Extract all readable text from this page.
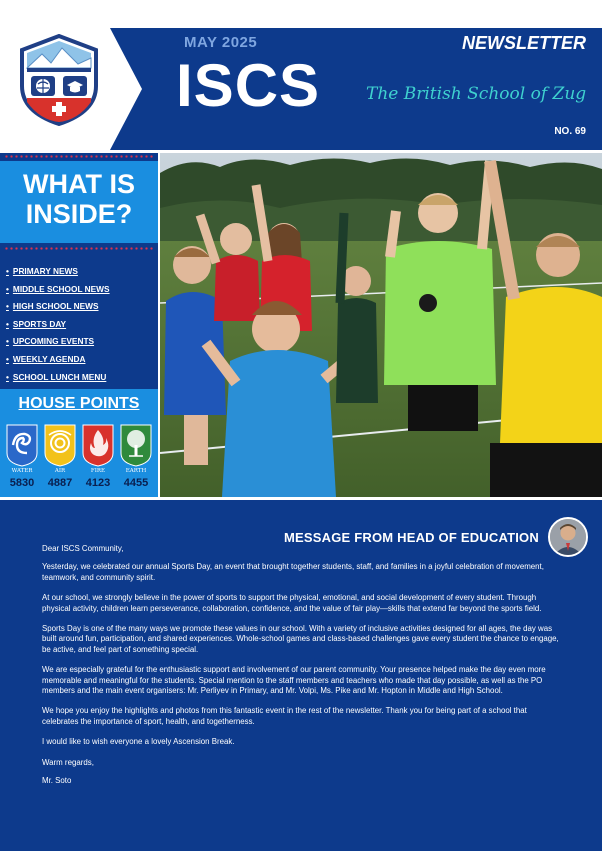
MAY 2025
ISCS
NEWSLETTER
The British School of Zug
NO. 69
WHAT IS
INSIDE?
• PRIMARY NEWS
• MIDDLE SCHOOL NEWS
• HIGH SCHOOL NEWS
• SPORTS DAY
• UPCOMING EVENTS
• WEEKLY AGENDA
• SCHOOL LUNCH MENU
HOUSE POINTS
WATER
5830
AIR
4887
FIRE
4123
EARTH
4455
MESSAGE FROM HEAD OF EDUCATION

Dear ISCS Community,

Yesterday, we celebrated our annual Sports Day, an event that brought together students, staff, and families in a joyful celebration of movement, teamwork, and community spirit.

At our school, we strongly believe in the power of sports to support the physical, emotional, and social development of every student. Through physical activity, children learn perseverance, collaboration, confidence, and the value of fair play—skills that extend far beyond the sports field.

Sports Day is one of the many ways we promote these values in our school. With a variety of inclusive activities designed for all ages, the day was built around fun, participation, and shared experiences. Whole-school games and class-based challenges gave every student the chance to engage, be active, and feel part of something special.

We are especially grateful for the enthusiastic support and involvement of our parent community. Your presence helped make the day even more memorable and meaningful for the students. Special mention to the staff members and teachers who made that day possible, as well as the PO members and the main event organisers: Mr. Perliyev in Primary, and Mr. Volpi, Ms. Pike and Mr. Hopton in Middle and High School.

We hope you enjoy the highlights and photos from this fantastic event in the rest of the newsletter. Thank you for being part of a school that celebrates the importance of sport, health, and togetherness.

I would like to wish everyone a lovely Ascension Break.

Warm regards,

Mr. Soto
